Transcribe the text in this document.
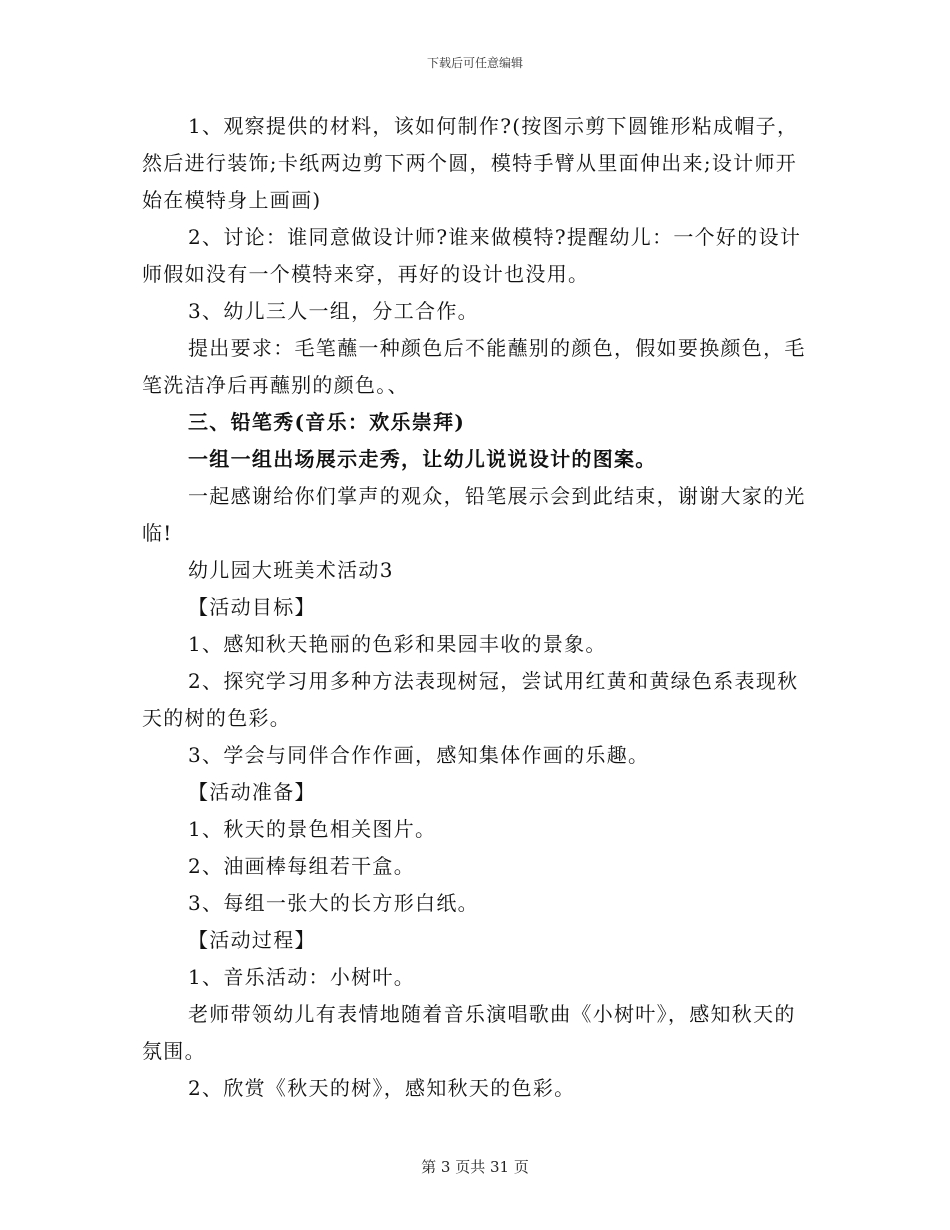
下载后可任意编辑

1、观察提供的材料，该如何制作?(按图示剪下圆锥形粘成帽子，然后进行装饰;卡纸两边剪下两个圆，模特手臂从里面伸出来;设计师开始在模特身上画画)

2、讨论：谁同意做设计师?谁来做模特?提醒幼儿：一个好的设计师假如没有一个模特来穿，再好的设计也没用。

3、幼儿三人一组，分工合作。

提出要求：毛笔蘸一种颜色后不能蘸别的颜色，假如要换颜色，毛笔洗洁净后再蘸别的颜色。、

三、铅笔秀(音乐：欢乐崇拜)

一组一组出场展示走秀，让幼儿说说设计的图案。

一起感谢给你们掌声的观众，铅笔展示会到此结束，谢谢大家的光临!

幼儿园大班美术活动3

【活动目标】

1、感知秋天艳丽的色彩和果园丰收的景象。

2、探究学习用多种方法表现树冠，尝试用红黄和黄绿色系表现秋天的树的色彩。

3、学会与同伴合作作画，感知集体作画的乐趣。

【活动准备】

1、秋天的景色相关图片。

2、油画棒每组若干盒。

3、每组一张大的长方形白纸。

【活动过程】

1、音乐活动：小树叶。

老师带领幼儿有表情地随着音乐演唱歌曲《小树叶》，感知秋天的氛围。

2、欣赏《秋天的树》，感知秋天的色彩。

第 3 页共 31 页
